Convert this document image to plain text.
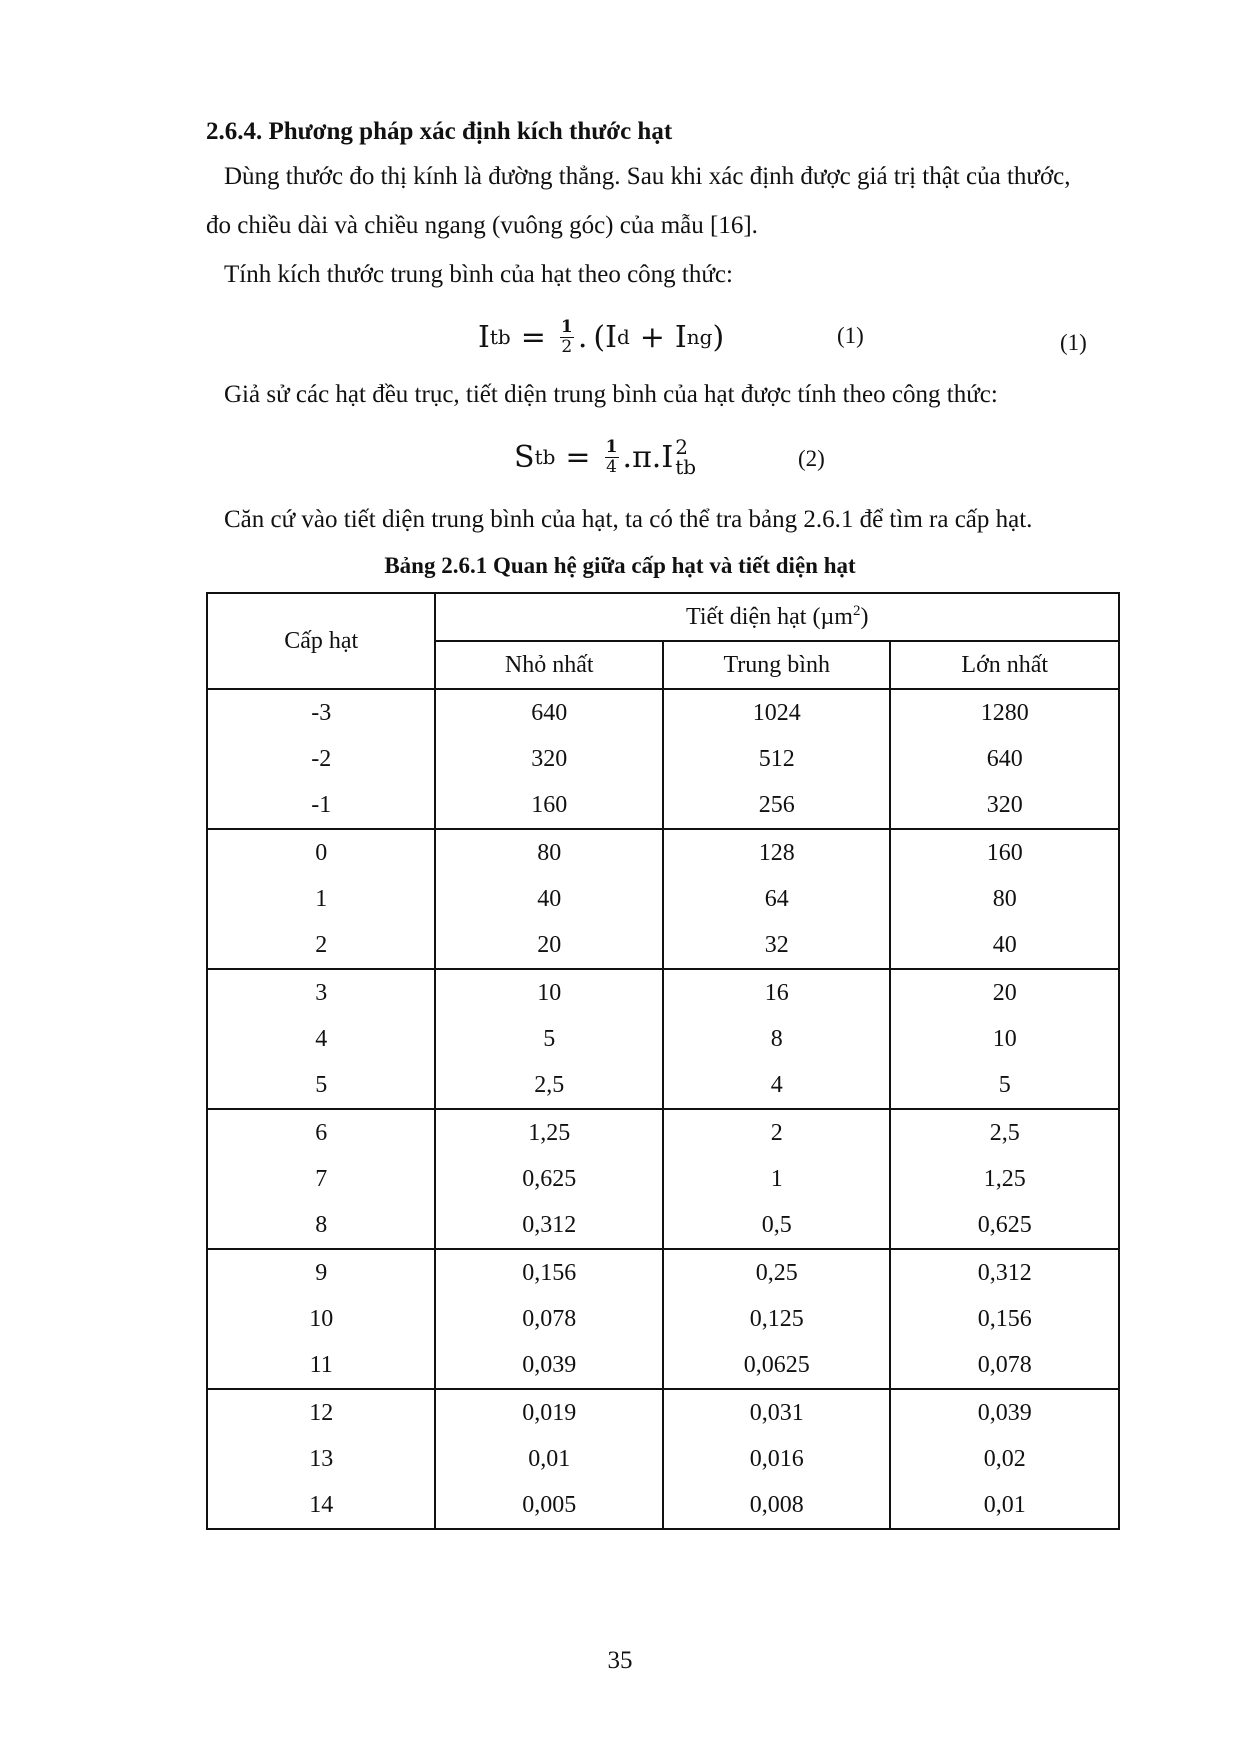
2.6.4. Phương pháp xác định kích thước hạt
Dùng thước đo thị kính là đường thẳng. Sau khi xác định được giá trị thật của thước,
đo chiều dài và chiều ngang (vuông góc) của mẫu [16].
Tính kích thước trung bình của hạt theo công thức:
I tb = $\frac{1}{2}$ . (I d + I ng )	(1)	(1)
Giả sử các hạt đều trục, tiết diện trung bình của hạt được tính theo công thức:
S tb = $\frac{1}{4} .\pi.I$ 2
tb	(2)
Căn cứ vào tiết diện trung bình của hạt, ta có thể tra bảng 2.6.1 để tìm ra cấp hạt.
Bảng 2.6.1 Quan hệ giữa cấp hạt và tiết diện hạt
Cấp hạt	Tiết diện hạt (µm$^2$)		
	Nhỏ nhất	Trung bình	Lớn nhất
-3	640	1024	1280
-2	320	512	640
-1	160	256	320
0	80	128	160
1	40	64	80
2	20	32	40
3	10	16	20
4	5	8	10
5	2,5	4	5
6	1,25	2	2,5
7	0,625	1	1,25
8	0,312	0,5	0,625
9	0,156	0,25	0,312
10	0,078	0,125	0,156
11	0,039	0,0625	0,078
12	0,019	0,031	0,039
13	0,01	0,016	0,02
14	0,005	0,008	0,01
35
